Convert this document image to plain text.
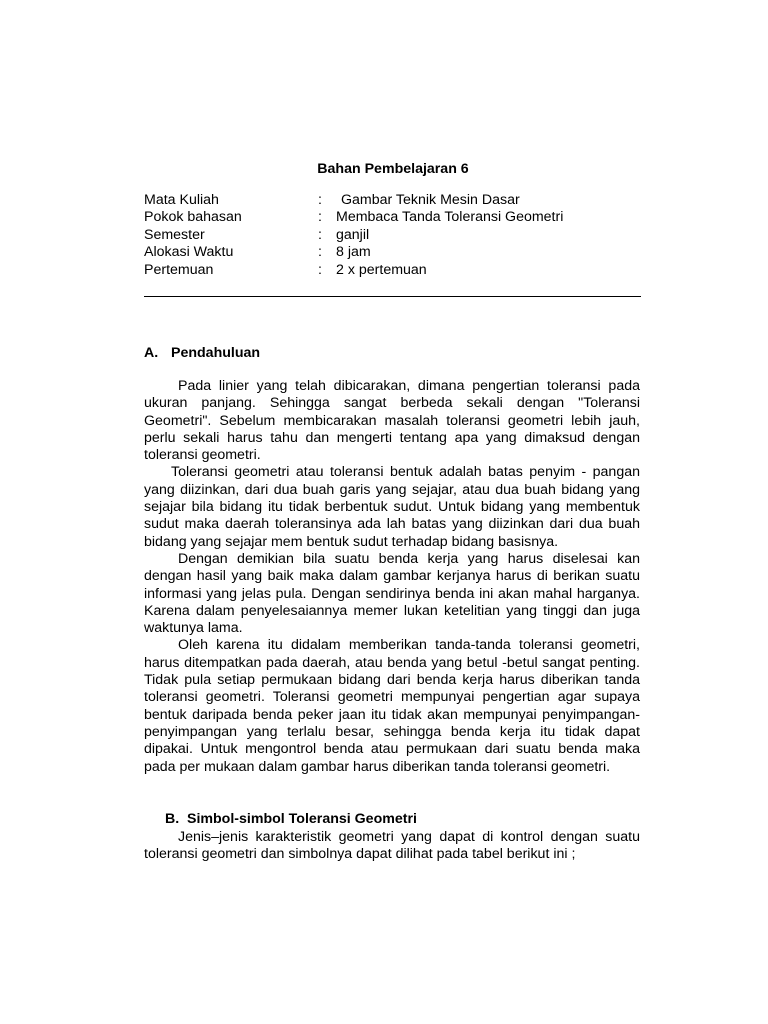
Bahan Pembelajaran 6
Mata Kuliah	: Gambar Teknik Mesin Dasar
Pokok bahasan	: Membaca Tanda Toleransi Geometri
Semester	: ganjil
Alokasi Waktu	: 8 jam
Pertemuan	: 2 x pertemuan
A. Pendahuluan

Pada linier yang telah dibicarakan, dimana pengertian toleransi pada ukuran panjang. Sehingga sangat berbeda sekali dengan "Toleransi Geometri". Sebelum membicarakan masalah toleransi geometri lebih jauh, perlu sekali harus tahu dan mengerti tentang apa yang dimaksud dengan toleransi geometri.

Toleransi geometri atau toleransi bentuk adalah batas penyim - pangan yang diizinkan, dari dua buah garis yang sejajar, atau dua buah bidang yang sejajar bila bidang itu tidak berbentuk sudut. Untuk bidang yang membentuk sudut maka daerah toleransinya ada lah batas yang diizinkan dari dua buah bidang yang sejajar mem bentuk sudut terhadap bidang basisnya.

Dengan demikian bila suatu benda kerja yang harus diselesai kan dengan hasil yang baik maka dalam gambar kerjanya harus di berikan suatu informasi yang jelas pula. Dengan sendirinya benda ini akan mahal harganya. Karena dalam penyelesaiannya memer lukan ketelitian yang tinggi dan juga waktunya lama.

Oleh karena itu didalam memberikan tanda-tanda toleransi geometri, harus ditempatkan pada daerah, atau benda yang betul -betul sangat penting. Tidak pula setiap permukaan bidang dari benda kerja harus diberikan tanda toleransi geometri. Toleransi geometri mempunyai pengertian agar supaya bentuk daripada benda peker jaan itu tidak akan mempunyai penyimpangan-penyimpangan yang terlalu besar, sehingga benda kerja itu tidak dapat dipakai. Untuk mengontrol benda atau permukaan dari suatu benda maka pada per mukaan dalam gambar harus diberikan tanda toleransi geometri.

B. Simbol-simbol Toleransi Geometri

Jenis–jenis karakteristik geometri yang dapat di kontrol dengan suatu toleransi geometri dan simbolnya dapat dilihat pada tabel berikut ini ;
